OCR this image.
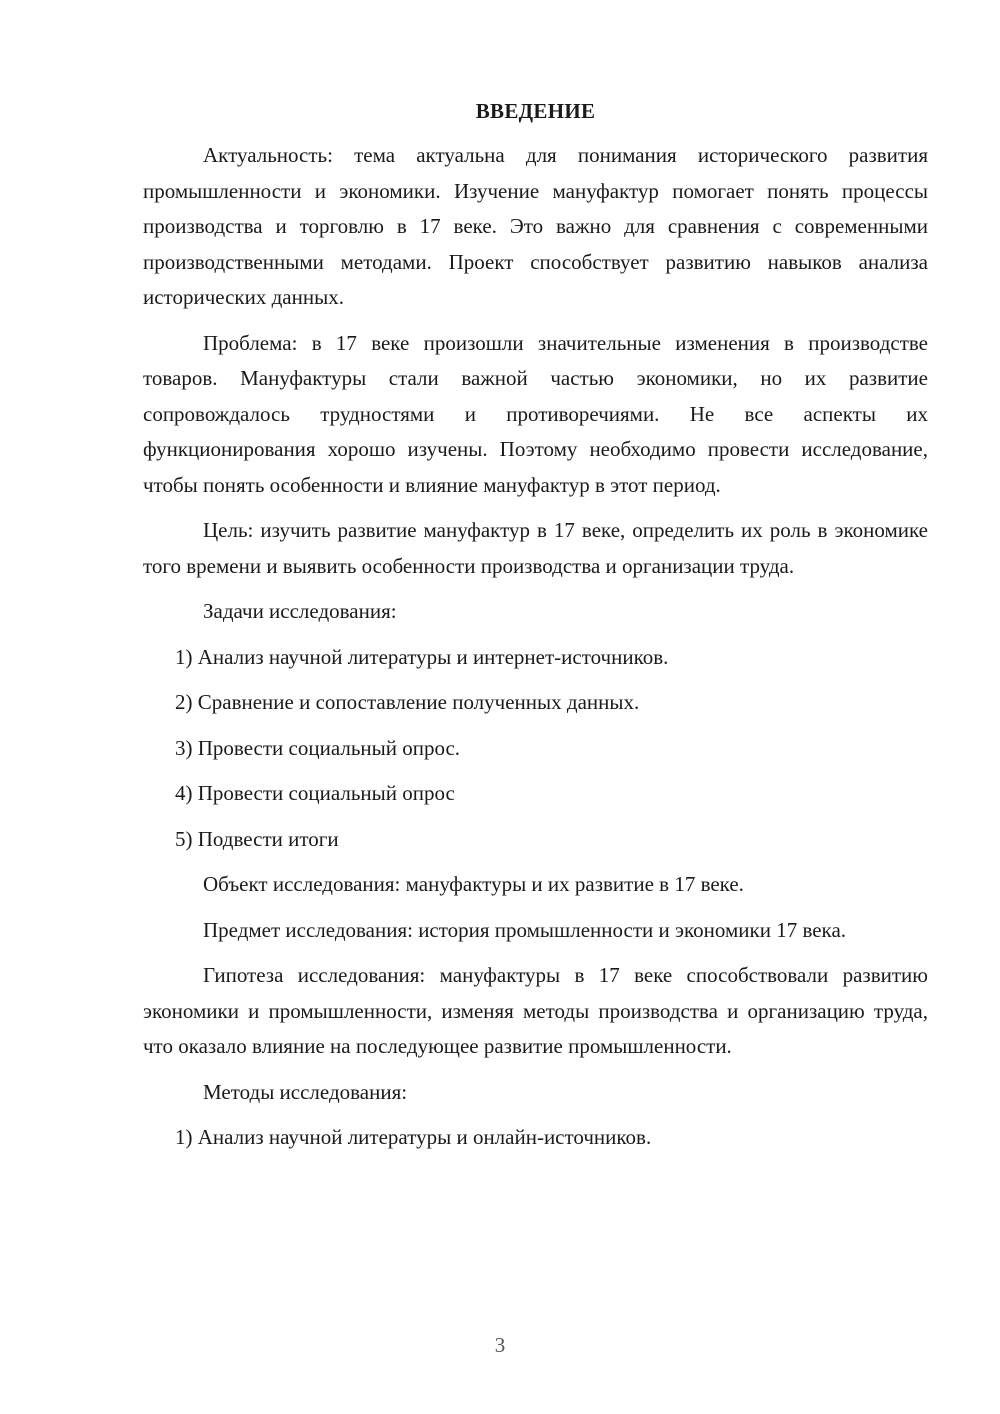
ВВЕДЕНИЕ

Актуальность: тема актуальна для понимания исторического развития промышленности и экономики. Изучение мануфактур помогает понять процессы производства и торговлю в 17 веке. Это важно для сравнения с современными производственными методами. Проект способствует развитию навыков анализа исторических данных.

Проблема: в 17 веке произошли значительные изменения в производстве товаров. Мануфактуры стали важной частью экономики, но их развитие сопровождалось трудностями и противоречиями. Не все аспекты их функционирования хорошо изучены. Поэтому необходимо провести исследование, чтобы понять особенности и влияние мануфактур в этот период.

Цель: изучить развитие мануфактур в 17 веке, определить их роль в экономике того времени и выявить особенности производства и организации труда.

Задачи исследования:

1) Анализ научной литературы и интернет-источников.
2) Сравнение и сопоставление полученных данных.
3) Провести социальный опрос.
4) Провести социальный опрос
5) Подвести итоги

Объект исследования: мануфактуры и их развитие в 17 веке.

Предмет исследования: история промышленности и экономики 17 века.

Гипотеза исследования: мануфактуры в 17 веке способствовали развитию экономики и промышленности, изменяя методы производства и организацию труда, что оказало влияние на последующее развитие промышленности.

Методы исследования:

1) Анализ научной литературы и онлайн-источников.
3
